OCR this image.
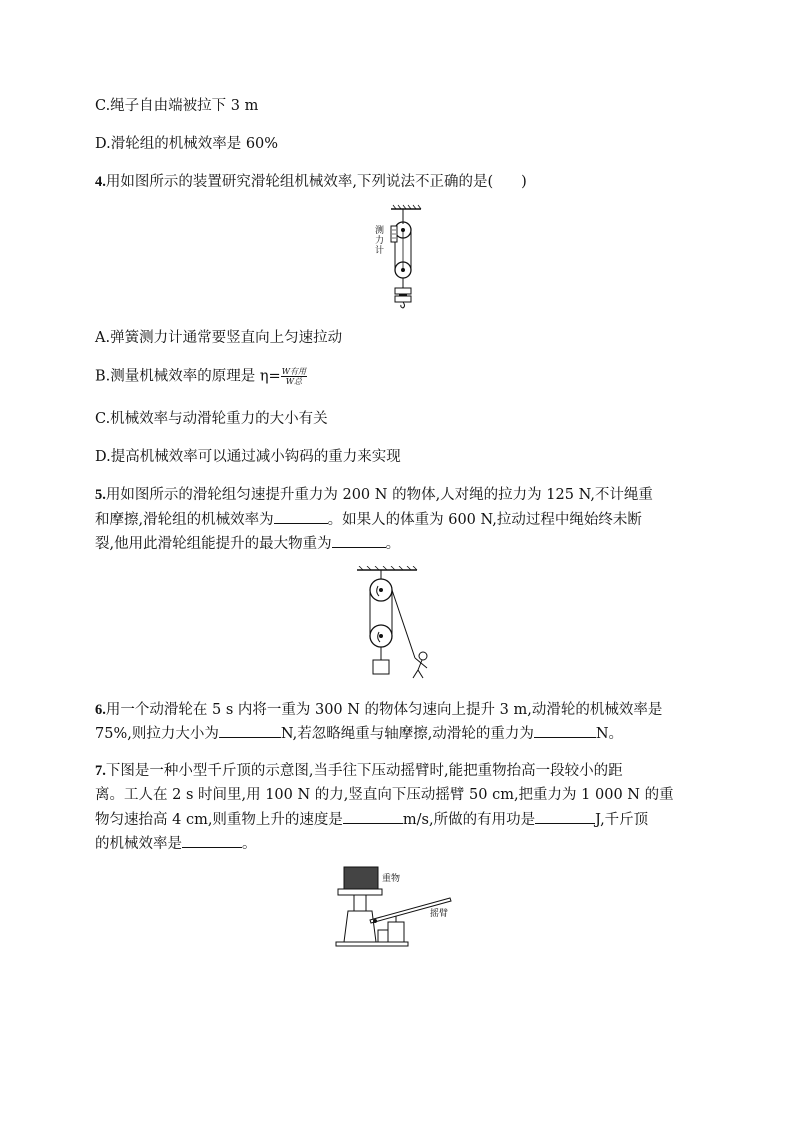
C.绳子自由端被拉下 3 m
D.滑轮组的机械效率是 60%
4.用如图所示的装置研究滑轮组机械效率,下列说法不正确的是( )
测力计
A.弹簧测力计通常要竖直向上匀速拉动
B.测量机械效率的原理是 $\eta= \frac{\text{W有用}}{\text{W总}}$
C.机械效率与动滑轮重力的大小有关
D.提高机械效率可以通过减小钩码的重力来实现
5.用如图所示的滑轮组匀速提升重力为 200 N 的物体,人对绳的拉力为 125 N,不计绳重
和摩擦,滑轮组的机械效率为	。如果人的体重为 600 N,拉动过程中绳始终未断
裂,他用此滑轮组能提升的最大物重为	。
6.用一个动滑轮在 5 s 内将一重为 300 N 的物体匀速向上提升 3 m,动滑轮的机械效率是
75%,则拉力大小为	N,若忽略绳重与轴摩擦,动滑轮的重力为	N。
7.下图是一种小型千斤顶的示意图,当手往下压动摇臂时,能把重物抬高一段较小的距
离。工人在 2 s 时间里,用 100 N 的力,竖直向下压动摇臂 50 cm,把重力为 1 000 N 的重
物匀速抬高 4 cm,则重物上升的速度是	m/s,所做的有用功是	J,千斤顶
的机械效率是	。
重物
摇臂
